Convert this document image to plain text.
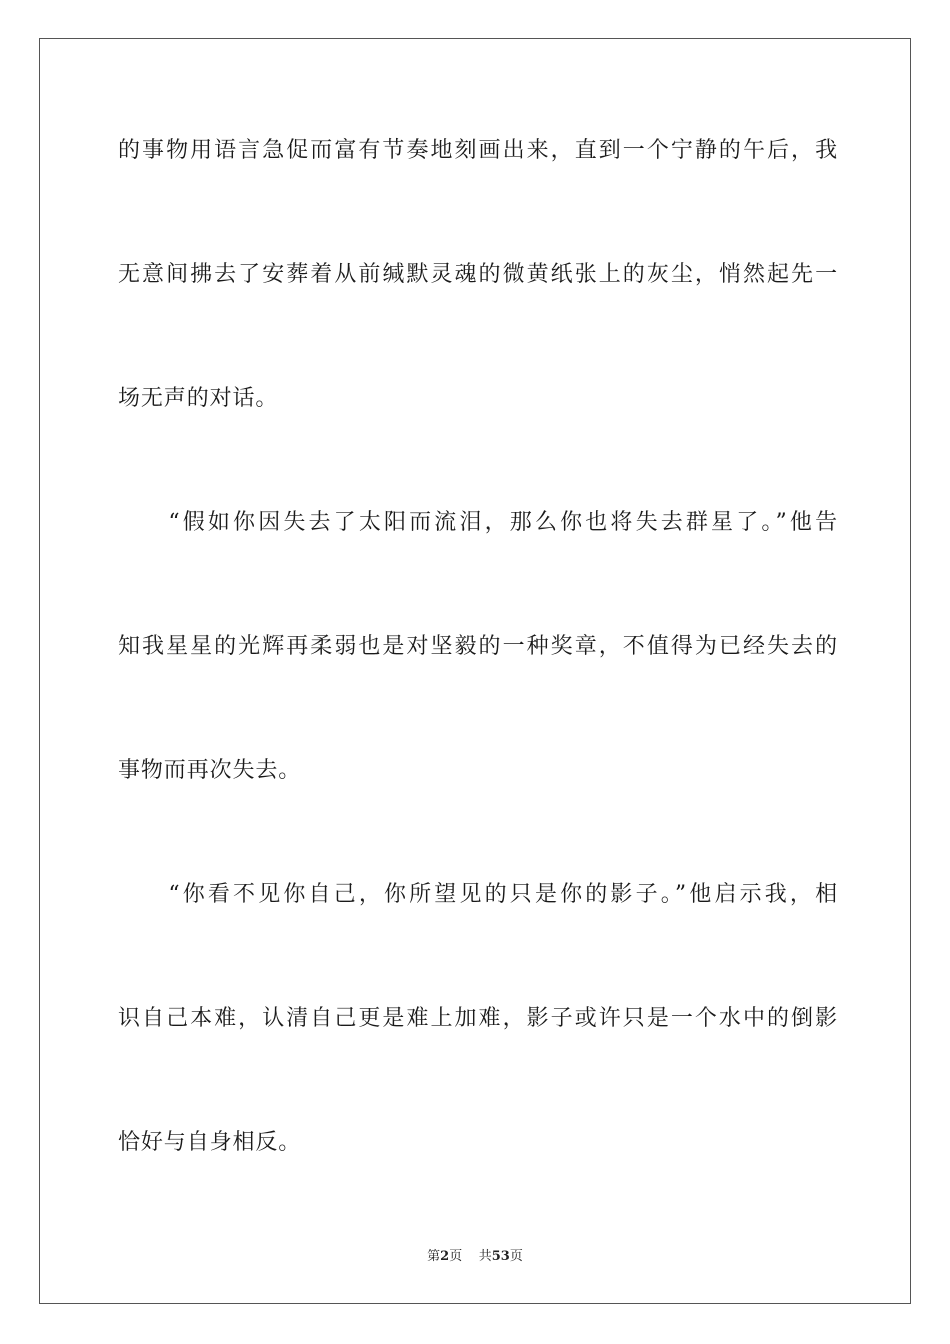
的事物用语言急促而富有节奏地刻画出来，直到一个宁静的午后，我
无意间拂去了安葬着从前缄默灵魂的微黄纸张上的灰尘，悄然起先一
场无声的对话。
　　“假如你因失去了太阳而流泪，那么你也将失去群星了。”他告
知我星星的光辉再柔弱也是对坚毅的一种奖章，不值得为已经失去的
事物而再次失去。
　　“你看不见你自己，你所望见的只是你的影子。”他启示我，相
识自己本难，认清自己更是难上加难，影子或许只是一个水中的倒影
恰好与自身相反。
第2页 共53页
